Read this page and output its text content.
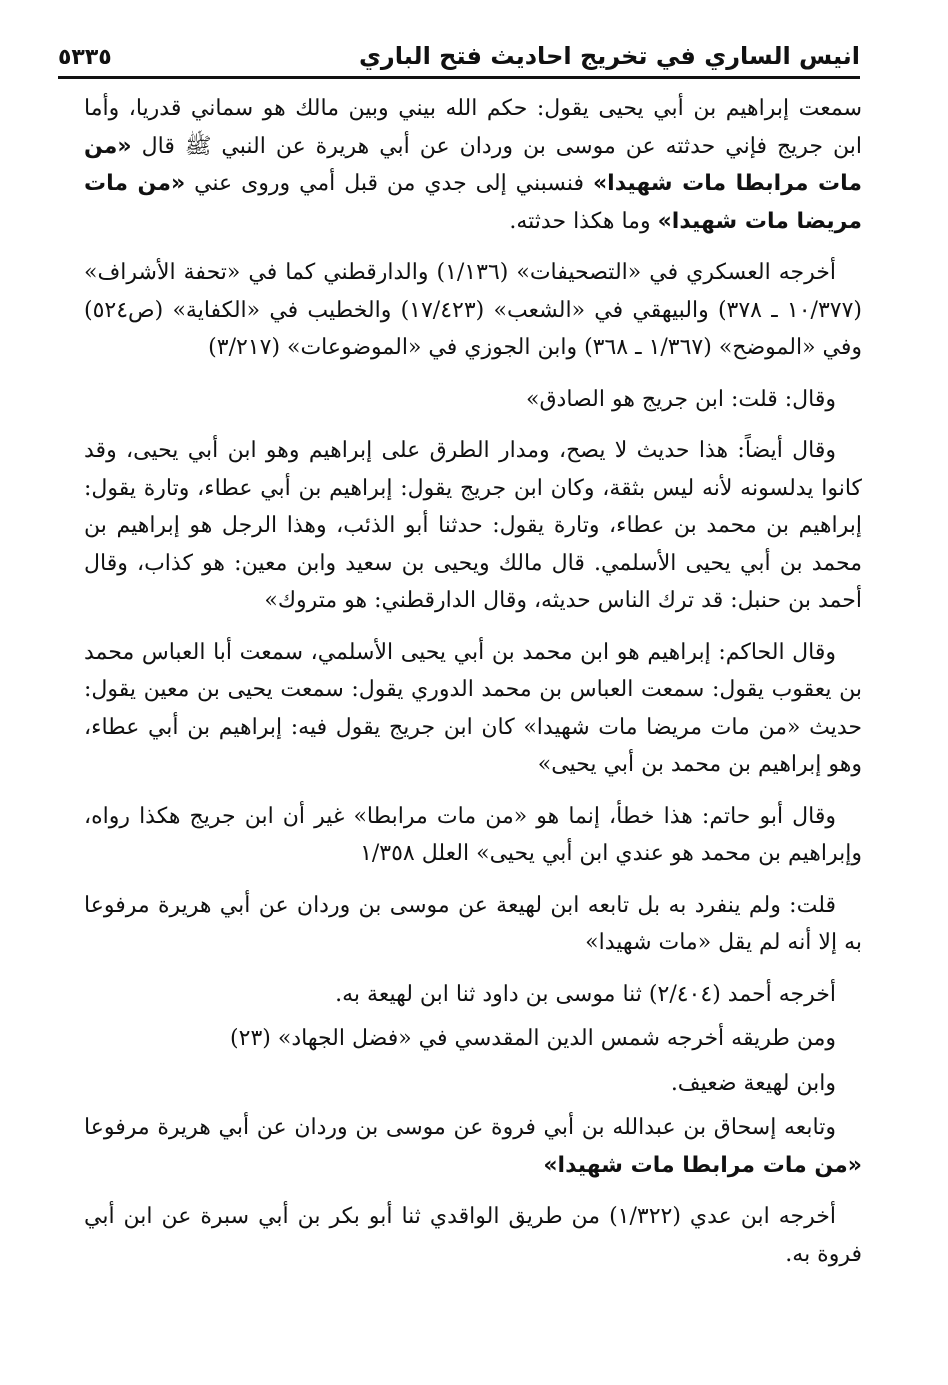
انيس الساري في تخريج احاديث فتح الباري
٥٣٣٥

سمعت إبراهيم بن أبي يحيى يقول: حكم الله بيني وبين مالك هو سماني قدريا، وأما ابن جريج فإني حدثته عن موسى بن وردان عن أبي هريرة عن النبي ﷺ قال «من مات مرابطا مات شهيدا» فنسبني إلى جدي من قبل أمي وروى عني «من مات مريضا مات شهيدا» وما هكذا حدثته.

أخرجه العسكري في «التصحيفات» (١/١٣٦) والدارقطني كما في «تحفة الأشراف» (١٠/٣٧٧ ـ ٣٧٨) والبيهقي في «الشعب» (١٧/٤٢٣) والخطيب في «الكفاية» (ص٥٢٤) وفي «الموضح» (١/٣٦٧ ـ ٣٦٨) وابن الجوزي في «الموضوعات» (٣/٢١٧)

وقال: قلت: ابن جريج هو الصادق»

وقال أيضاً: هذا حديث لا يصح، ومدار الطرق على إبراهيم وهو ابن أبي يحيى، وقد كانوا يدلسونه لأنه ليس بثقة، وكان ابن جريج يقول: إبراهيم بن أبي عطاء، وتارة يقول: إبراهيم بن محمد بن عطاء، وتارة يقول: حدثنا أبو الذئب، وهذا الرجل هو إبراهيم بن محمد بن أبي يحيى الأسلمي. قال مالك ويحيى بن سعيد وابن معين: هو كذاب، وقال أحمد بن حنبل: قد ترك الناس حديثه، وقال الدارقطني: هو متروك»

وقال الحاكم: إبراهيم هو ابن محمد بن أبي يحيى الأسلمي، سمعت أبا العباس محمد بن يعقوب يقول: سمعت العباس بن محمد الدوري يقول: سمعت يحيى بن معين يقول: حديث «من مات مريضا مات شهيدا» كان ابن جريج يقول فيه: إبراهيم بن أبي عطاء، وهو إبراهيم بن محمد بن أبي يحيى»

وقال أبو حاتم: هذا خطأ، إنما هو «من مات مرابطا» غير أن ابن جريج هكذا رواه، وإبراهيم بن محمد هو عندي ابن أبي يحيى» العلل ١/٣٥٨

قلت: ولم ينفرد به بل تابعه ابن لهيعة عن موسى بن وردان عن أبي هريرة مرفوعا به إلا أنه لم يقل «مات شهيدا»

أخرجه أحمد (٢/٤٠٤) ثنا موسى بن داود ثنا ابن لهيعة به.

ومن طريقه أخرجه شمس الدين المقدسي في «فضل الجهاد» (٢٣)

وابن لهيعة ضعيف.

وتابعه إسحاق بن عبدالله بن أبي فروة عن موسى بن وردان عن أبي هريرة مرفوعا «من مات مرابطا مات شهيدا»

أخرجه ابن عدي (١/٣٢٢) من طريق الواقدي ثنا أبو بكر بن أبي سبرة عن ابن أبي فروة به.
